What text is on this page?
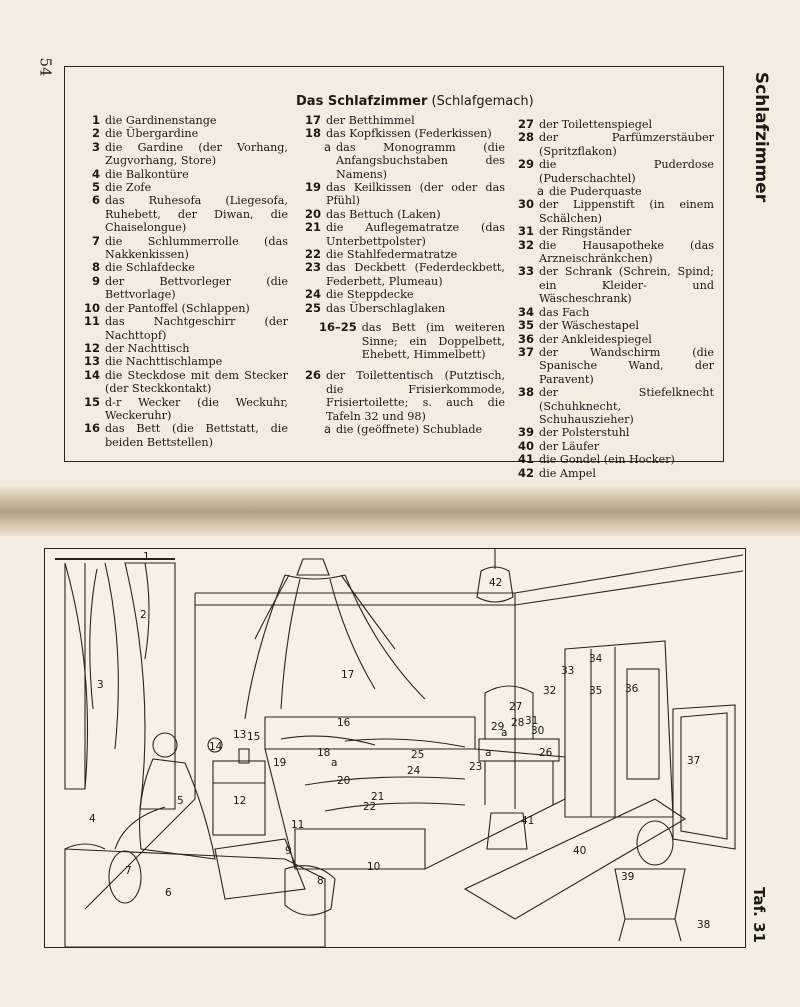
54
Schlafzimmer
Das Schlafzimmer (Schlafgemach)
1 die Gardinenstange
2 die Übergardine
3 die Gardine (der Vorhang, Zugvorhang, Store)
4 die Balkontüre
5 die Zofe
6 das Ruhesofa (Liegesofa, Ruhebett, der Diwan, die Chaiselongue)
7 die Schlummerrolle (das Nakkenkissen)
8 die Schlafdecke
9 der Bettvorleger (die Bettvorlage)
10 der Pantoffel (Schlappen)
11 das Nachtgeschirr (der Nachttopf)
12 der Nachttisch
13 die Nachttischlampe
14 die Steckdose mit dem Stecker (der Steckkontakt)
15 d-r Wecker (die Weckuhr, Weckeruhr)
16 das Bett (die Bettstatt, die beiden Bettstellen)
17 der Betthimmel
18 das Kopfkissen (Federkissen)
a das Monogramm (die Anfangsbuchstaben des Namens)
19 das Keilkissen (der oder das Pfühl)
20 das Bettuch (Laken)
21 die Auflegematratze (das Unterbettpolster)
22 die Stahlfedermatratze
23 das Deckbett (Federdeckbett, Federbett, Plumeau)
24 die Steppdecke
25 das Überschlaglaken
16–25 das Bett (im weiteren Sinne; ein Doppelbett, Ehebett, Himmelbett)
26 der Toilettentisch (Putztisch, die Frisierkommode, Frisiertoilette; s. auch die Tafeln 32 und 98)
a die (geöffnete) Schublade
27 der Toilettenspiegel
28 der Parfümzerstäuber (Spritzflakon)
29 die Puderdose (Puderschachtel)
a die Puderquaste
30 der Lippenstift (in einem Schälchen)
31 der Ringständer
32 die Hausapotheke (das Arzneischränkchen)
33 der Schrank (Schrein, Spind; ein Kleider- und Wäscheschrank)
34 das Fach
35 der Wäschestapel
36 der Ankleidespiegel
37 der Wandschirm (die Spanische Wand, der Paravent)
38 der Stiefelknecht (Schuhknecht, Schuhauszieher)
39 der Polsterstuhl
40 der Läufer
41 die Gondel (ein Hocker)
42 die Ampel
1
2
3
4
5
6
7
8
9
10
11
12
13
14
15
16
17
18
a
19
20
21
22
23
24
25	26
a
27
28
29
a 30
31
32
33
34
35 36
37
38
39
40
41
42
Taf. 31
